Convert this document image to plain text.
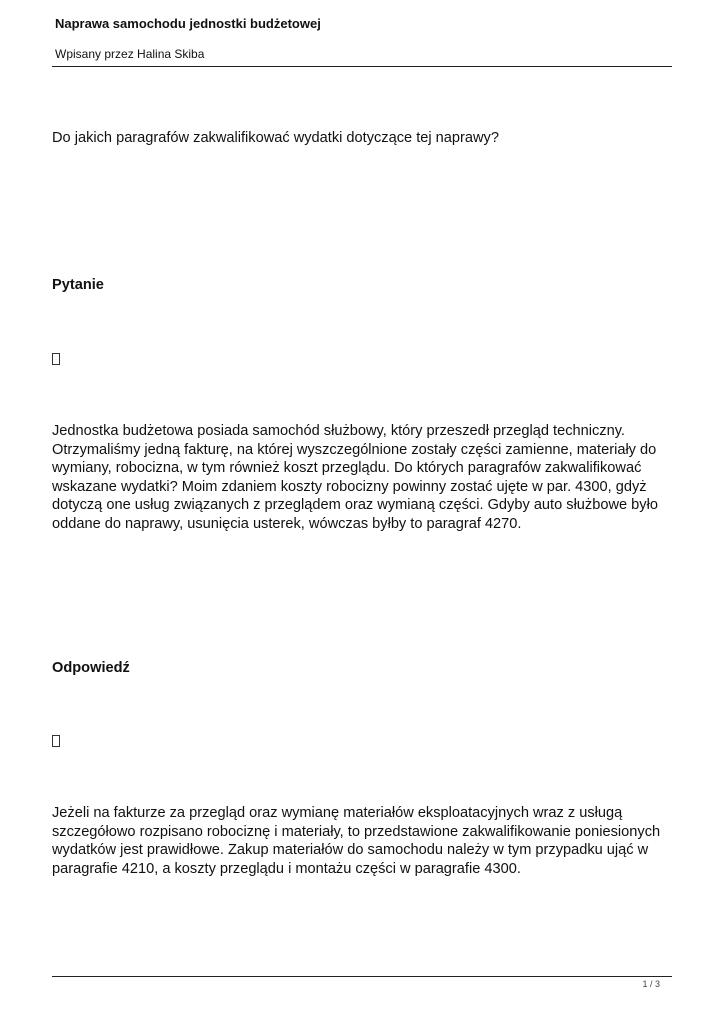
Naprawa samochodu jednostki budżetowej
Wpisany przez Halina Skiba

Do jakich paragrafów zakwalifikować wydatki dotyczące tej naprawy?

Pytanie

Jednostka budżetowa posiada samochód służbowy, który przeszedł przegląd techniczny. Otrzymaliśmy jedną fakturę, na której wyszczególnione zostały części zamienne, materiały do wymiany, robocizna, w tym również koszt przeglądu. Do których paragrafów zakwalifikować wskazane wydatki? Moim zdaniem koszty robocizny powinny zostać ujęte w par. 4300, gdyż dotyczą one usług związanych z przeglądem oraz wymianą części. Gdyby auto służbowe było oddane do naprawy, usunięcia usterek, wówczas byłby to paragraf 4270.

Odpowiedź

Jeżeli na fakturze za przegląd oraz wymianę materiałów eksploatacyjnych wraz z usługą szczegółowo rozpisano robociznę i materiały, to przedstawione zakwalifikowanie poniesionych wydatków jest prawidłowe. Zakup materiałów do samochodu należy w tym przypadku ująć w paragrafie 4210, a koszty przeglądu i montażu części w paragrafie 4300.

1 / 3
